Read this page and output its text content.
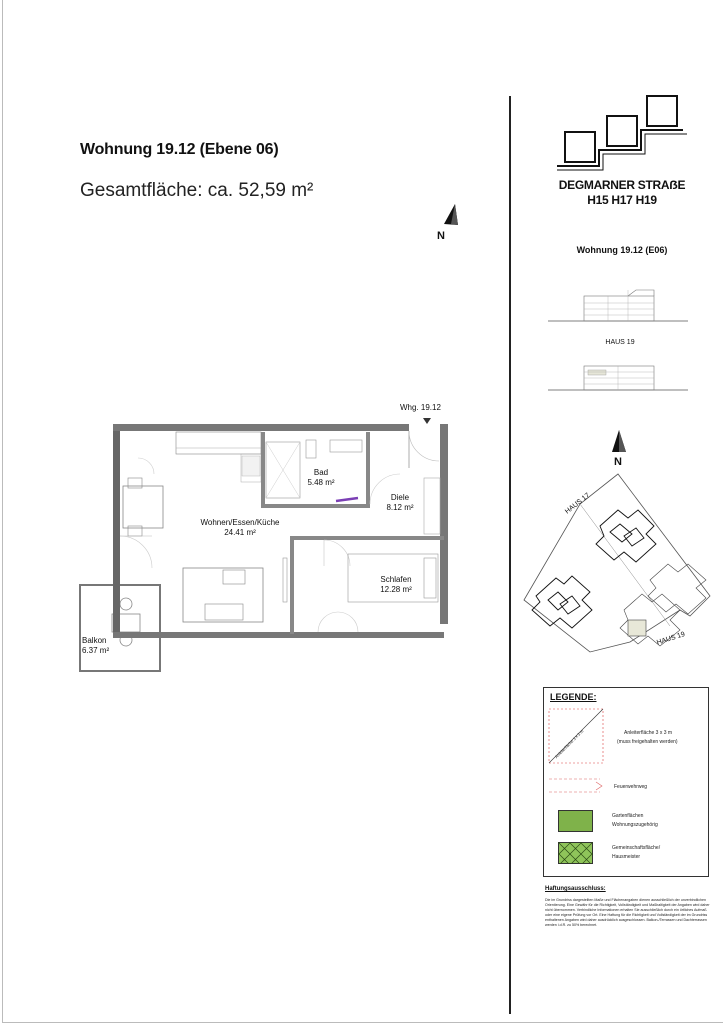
Wohnung 19.12 (Ebene 06)
Gesamtfläche: ca. 52,59 m²
N
Whg. 19.12
Bad
5.48 m²
Diele
8.12 m²
Wohnen/Essen/Küche
24.41 m²
Schlafen
12.28 m²
Balkon
6.37 m²
DEGMARNER STRAẞE
H15 H17 H19
Wohnung 19.12 (E06)
HAUS 19
N
HAUS 17
HAUS 19
LEGENDE:
Anleiterfläche 3 x 3 m	Anleiterfläche 3 x 3 m
(muss freigehalten werden)
Feuerwehrweg
Gartenflächen
Wohnungszugehörig
Gemeinschaftsfläche/
Hausmeister
Haftungsausschluss:
Die im Grundriss dargestellten Maße und Flächenangaben dienen ausschließlich der unverbindlichen Orientierung. Eine Gewähr für die Richtigkeit, Vollständigkeit und Maßhaltigkeit der Angaben wird daher nicht übernommen. Verbindliche Informationen erhalten Sie ausschließlich durch ein örtliches Aufmaß oder eine eigene Prüfung vor Ort. Eine Haftung für die Richtigkeit und Vollständigkeit der im Grundriss enthaltenen Angaben wird daher ausdrücklich ausgeschlossen. Balkon-/Terrassen und Dachterrassen werden i.d.R. zu 50% berechnet.
